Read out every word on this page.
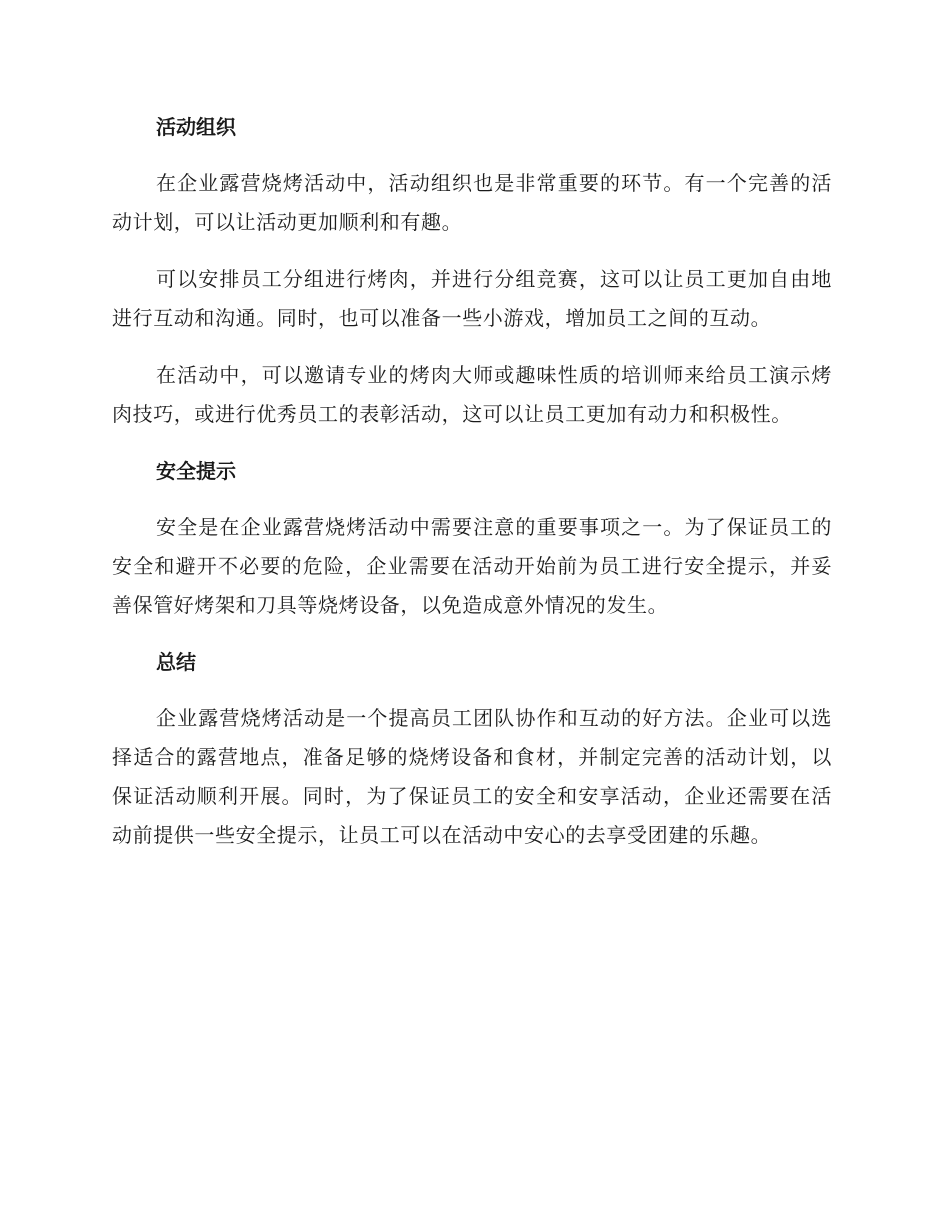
活动组织

在企业露营烧烤活动中，活动组织也是非常重要的环节。有一个完善的活动计划，可以让活动更加顺利和有趣。

可以安排员工分组进行烤肉，并进行分组竞赛，这可以让员工更加自由地进行互动和沟通。同时，也可以准备一些小游戏，增加员工之间的互动。

在活动中，可以邀请专业的烤肉大师或趣味性质的培训师来给员工演示烤肉技巧，或进行优秀员工的表彰活动，这可以让员工更加有动力和积极性。

安全提示

安全是在企业露营烧烤活动中需要注意的重要事项之一。为了保证员工的安全和避开不必要的危险，企业需要在活动开始前为员工进行安全提示，并妥善保管好烤架和刀具等烧烤设备，以免造成意外情况的发生。

总结

企业露营烧烤活动是一个提高员工团队协作和互动的好方法。企业可以选择适合的露营地点，准备足够的烧烤设备和食材，并制定完善的活动计划，以保证活动顺利开展。同时，为了保证员工的安全和安享活动，企业还需要在活动前提供一些安全提示，让员工可以在活动中安心的去享受团建的乐趣。
